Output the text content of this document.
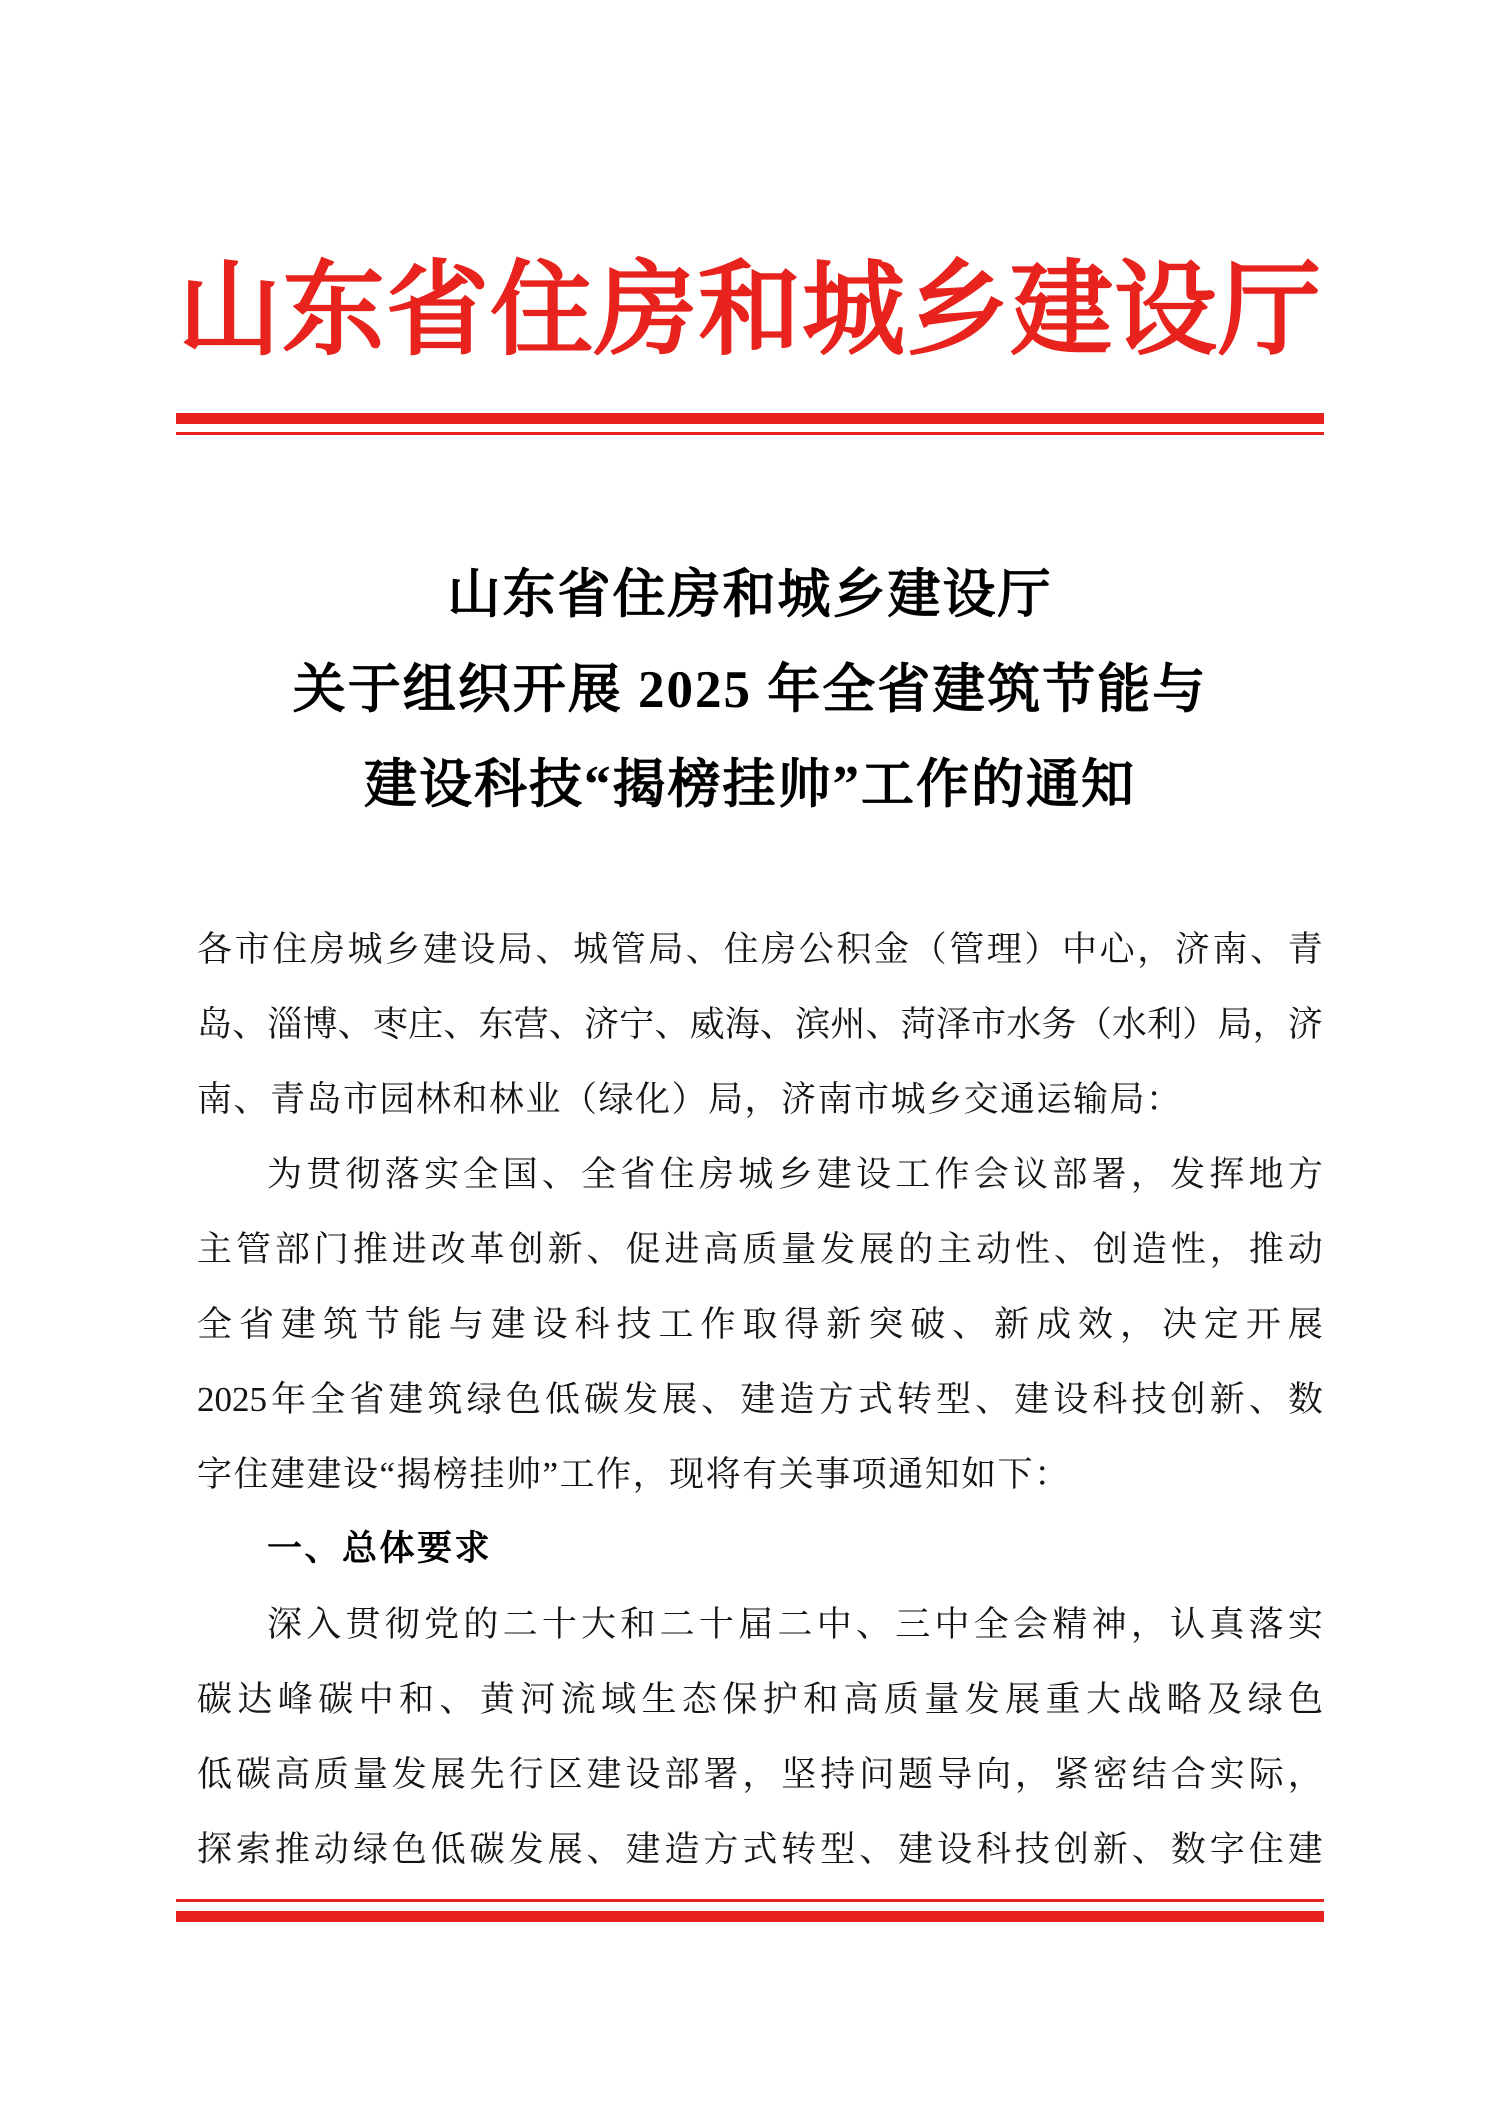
山东省住房和城乡建设厅
山东省住房和城乡建设厅
关于组织开展 2025 年全省建筑节能与
建设科技“揭榜挂帅”工作的通知
各 市 住 房 城 乡 建 设 局 、 城 管 局 、 住 房 公 积 金 （ 管 理 ） 中 心 ， 济 南 、 青
岛 、 淄 博 、 枣 庄 、 东 营 、 济 宁 、 威 海 、 滨 州 、 菏 泽 市 水 务 （ 水 利 ） 局 ， 济
南、青岛市园林和林业（绿化）局，济南市城乡交通运输局：
为 贯 彻 落 实 全 国 、 全 省 住 房 城 乡 建 设 工 作 会 议 部 署 ， 发 挥 地 方
主 管 部 门 推 进 改 革 创 新 、 促 进 高 质 量 发 展 的 主 动 性 、 创 造 性 ， 推 动
全 省 建 筑 节 能 与 建 设 科 技 工 作 取 得 新 突 破 、 新 成 效 ， 决 定 开 展
2025 年 全 省 建 筑 绿 色 低 碳 发 展 、 建 造 方 式 转 型 、 建 设 科 技 创 新 、 数
字住建建设“揭榜挂帅”工作，现将有关事项通知如下：
一、总体要求
深 入 贯 彻 党 的 二 十 大 和 二 十 届 二 中 、 三 中 全 会 精 神 ， 认 真 落 实
碳 达 峰 碳 中 和 、 黄 河 流 域 生 态 保 护 和 高 质 量 发 展 重 大 战 略 及 绿 色
低 碳 高 质 量 发 展 先 行 区 建 设 部 署 ， 坚 持 问 题 导 向 ， 紧 密 结 合 实 际 ，
探 索 推 动 绿 色 低 碳 发 展 、 建 造 方 式 转 型 、 建 设 科 技 创 新 、 数 字 住 建
